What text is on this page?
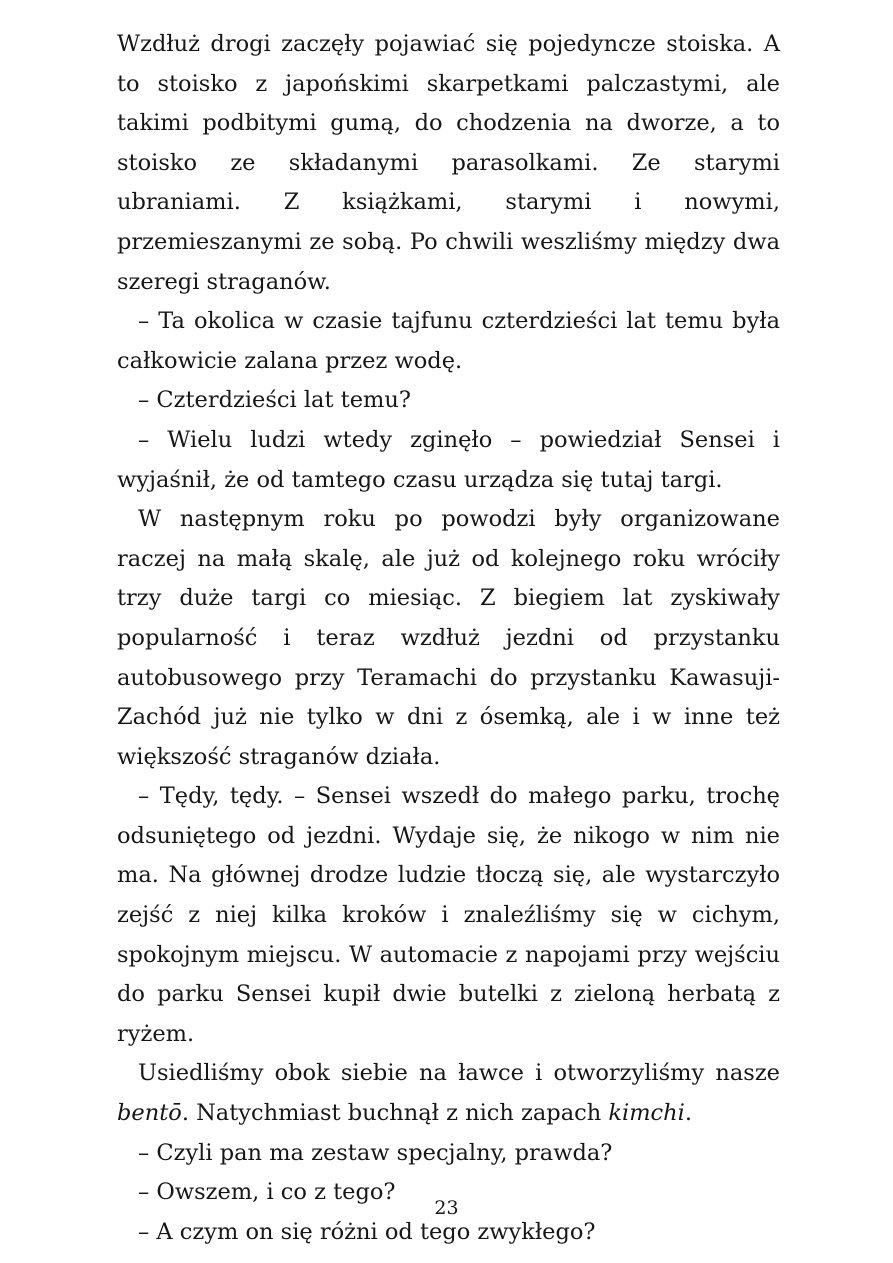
Wzdłuż drogi zaczęły pojawiać się pojedyncze stoiska. A to stoisko z japońskimi skarpetkami palczastymi, ale takimi podbitymi gumą, do chodzenia na dworze, a to stoisko ze składanymi parasolkami. Ze starymi ubraniami. Z książkami, starymi i nowymi, przemieszanymi ze sobą. Po chwili weszliśmy między dwa szeregi straganów.

– Ta okolica w czasie tajfunu czterdzieści lat temu była całkowicie zalana przez wodę.

– Czterdzieści lat temu?

– Wielu ludzi wtedy zginęło – powiedział Sensei i wyjaśnił, że od tamtego czasu urządza się tutaj targi.

W następnym roku po powodzi były organizowane raczej na małą skalę, ale już od kolejnego roku wróciły trzy duże targi co miesiąc. Z biegiem lat zyskiwały popularność i teraz wzdłuż jezdni od przystanku autobusowego przy Teramachi do przystanku Kawasuji-Zachód już nie tylko w dni z ósemką, ale i w inne też większość straganów działa.

– Tędy, tędy. – Sensei wszedł do małego parku, trochę odsuniętego od jezdni. Wydaje się, że nikogo w nim nie ma. Na głównej drodze ludzie tłoczą się, ale wystarczyło zejść z niej kilka kroków i znaleźliśmy się w cichym, spokojnym miejscu. W automacie z napojami przy wejściu do parku Sensei kupił dwie butelki z zieloną herbatą z ryżem.

Usiedliśmy obok siebie na ławce i otworzyliśmy nasze bentō. Natychmiast buchnął z nich zapach kimchi.

– Czyli pan ma zestaw specjalny, prawda?

– Owszem, i co z tego?

– A czym on się różni od tego zwykłego?

23
